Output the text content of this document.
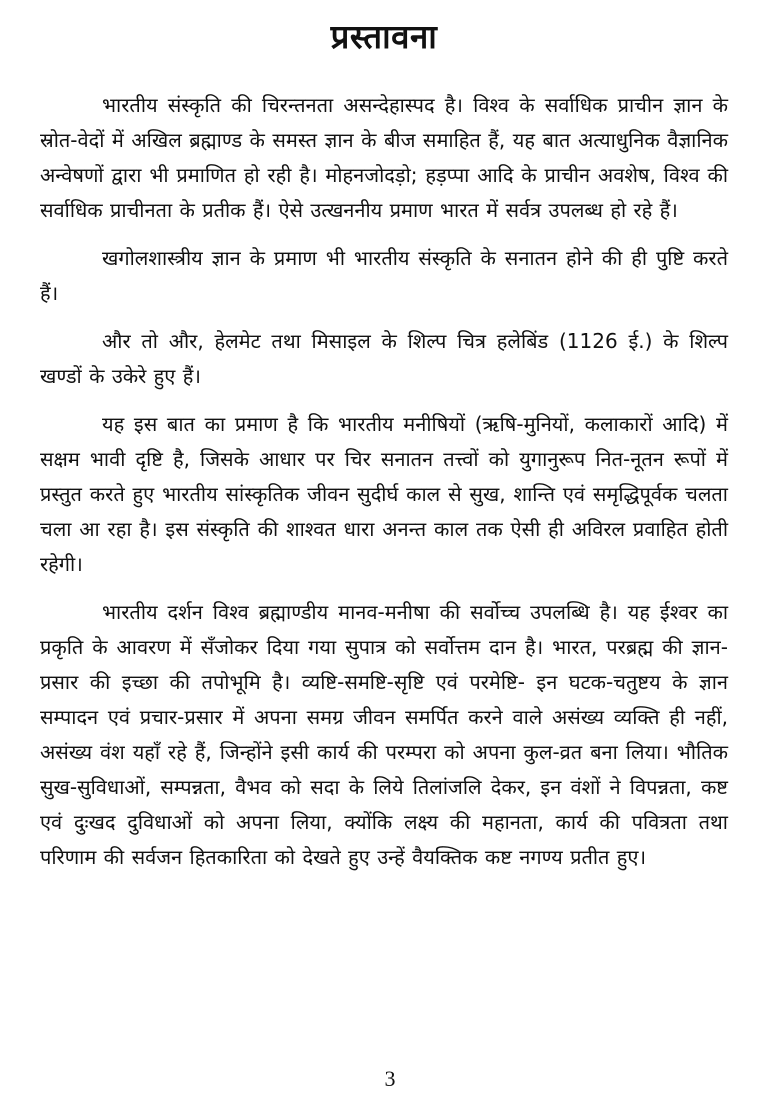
प्रस्तावना

भारतीय संस्कृति की चिरन्तनता असन्देहास्पद है। विश्व के सर्वाधिक प्राचीन ज्ञान के स्रोत-वेदों में अखिल ब्रह्माण्ड के समस्त ज्ञान के बीज समाहित हैं, यह बात अत्याधुनिक वैज्ञानिक अन्वेषणों द्वारा भी प्रमाणित हो रही है। मोहनजोदड़ो; हड़प्पा आदि के प्राचीन अवशेष, विश्व की सर्वाधिक प्राचीनता के प्रतीक हैं। ऐसे उत्खननीय प्रमाण भारत में सर्वत्र उपलब्ध हो रहे हैं।

खगोलशास्त्रीय ज्ञान के प्रमाण भी भारतीय संस्कृति के सनातन होने की ही पुष्टि करते हैं।

और तो और, हेलमेट तथा मिसाइल के शिल्प चित्र हलेबिंड (1126 ई.) के शिल्प खण्डों के उकेरे हुए हैं।

यह इस बात का प्रमाण है कि भारतीय मनीषियों (ऋषि-मुनियों, कलाकारों आदि) में सक्षम भावी दृष्टि है, जिसके आधार पर चिर सनातन तत्त्वों को युगानुरूप नित-नूतन रूपों में प्रस्तुत करते हुए भारतीय सांस्कृतिक जीवन सुदीर्घ काल से सुख, शान्ति एवं समृद्धिपूर्वक चलता चला आ रहा है। इस संस्कृति की शाश्वत धारा अनन्त काल तक ऐसी ही अविरल प्रवाहित होती रहेगी।

भारतीय दर्शन विश्व ब्रह्माण्डीय मानव-मनीषा की सर्वोच्च उपलब्धि है। यह ईश्वर का प्रकृति के आवरण में सँजोकर दिया गया सुपात्र को सर्वोत्तम दान है। भारत, परब्रह्म की ज्ञान-प्रसार की इच्छा की तपोभूमि है। व्यष्टि-समष्टि-सृष्टि एवं परमेष्टि- इन घटक-चतुष्टय के ज्ञान सम्पादन एवं प्रचार-प्रसार में अपना समग्र जीवन समर्पित करने वाले असंख्य व्यक्ति ही नहीं, असंख्य वंश यहाँ रहे हैं, जिन्होंने इसी कार्य की परम्परा को अपना कुल-व्रत बना लिया। भौतिक सुख-सुविधाओं, सम्पन्नता, वैभव को सदा के लिये तिलांजलि देकर, इन वंशों ने विपन्नता, कष्ट एवं दुःखद दुविधाओं को अपना लिया, क्योंकि लक्ष्य की महानता, कार्य की पवित्रता तथा परिणाम की सर्वजन हितकारिता को देखते हुए उन्हें वैयक्तिक कष्ट नगण्य प्रतीत हुए।

3
